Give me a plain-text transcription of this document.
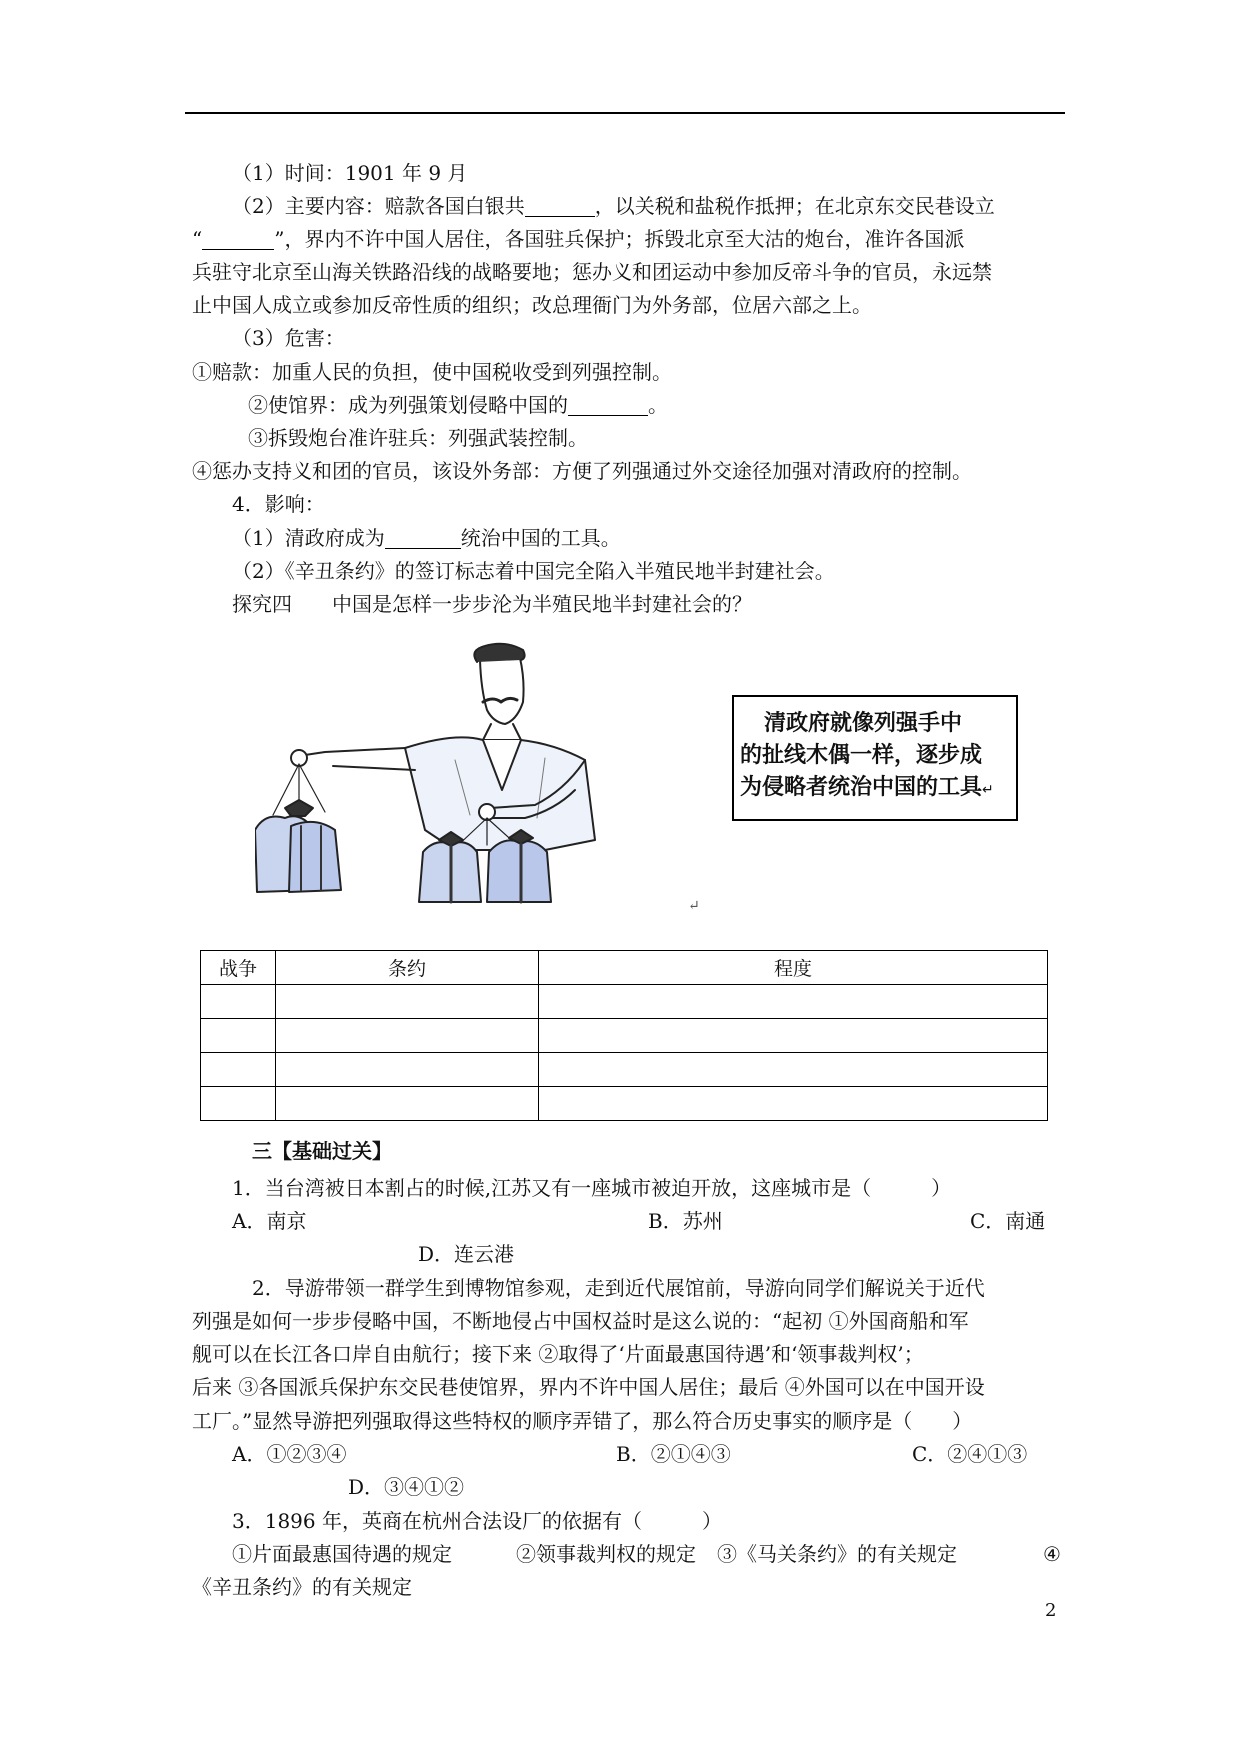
（1）时间：1901 年 9 月
（2）主要内容：赔款各国白银共	，以关税和盐税作抵押；在北京东交民巷设立
“	”，界内不许中国人居住，各国驻兵保护；拆毁北京至大沽的炮台，准许各国派
兵驻守北京至山海关铁路沿线的战略要地；惩办义和团运动中参加反帝斗争的官员，永远禁
止中国人成立或参加反帝性质的组织；改总理衙门为外务部，位居六部之上。
（3）危害：
①赔款：加重人民的负担，使中国税收受到列强控制。
②使馆界：成为列强策划侵略中国的	。
③拆毁炮台准许驻兵：列强武装控制。
④惩办支持义和团的官员，该设外务部：方便了列强通过外交途径加强对清政府的控制。
4．影响：
（1）清政府成为	统治中国的工具。
（2）《辛丑条约》的签订标志着中国完全陷入半殖民地半封建社会。
探究四　　中国是怎样一步步沦为半殖民地半封建社会的？
清政府就像列强手中
的扯线木偶一样，逐步成
为侵略者统治中国的工具↵
↵
战争	条约	程度

三【基础过关】
1．当台湾被日本割占的时候,江苏又有一座城市被迫开放，这座城市是（　　　）
A．南京	B．苏州	C．南通
D．连云港
2．导游带领一群学生到博物馆参观，走到近代展馆前，导游向同学们解说关于近代
列强是如何一步步侵略中国，不断地侵占中国权益时是这么说的：“起初 ①外国商船和军
舰可以在长江各口岸自由航行；接下来 ②取得了‘片面最惠国待遇’和‘领事裁判权’；
后来 ③各国派兵保护东交民巷使馆界，界内不许中国人居住；最后 ④外国可以在中国开设
工厂。”显然导游把列强取得这些特权的顺序弄错了，那么符合历史事实的顺序是（　　）
A．①②③④	B．②①④③	C．②④①③
D．③④①②
3．1896 年，英商在杭州合法设厂的依据有（　　　）
①片面最惠国待遇的规定	②领事裁判权的规定 ③《马关条约》的有关规定	④
《辛丑条约》的有关规定
2
